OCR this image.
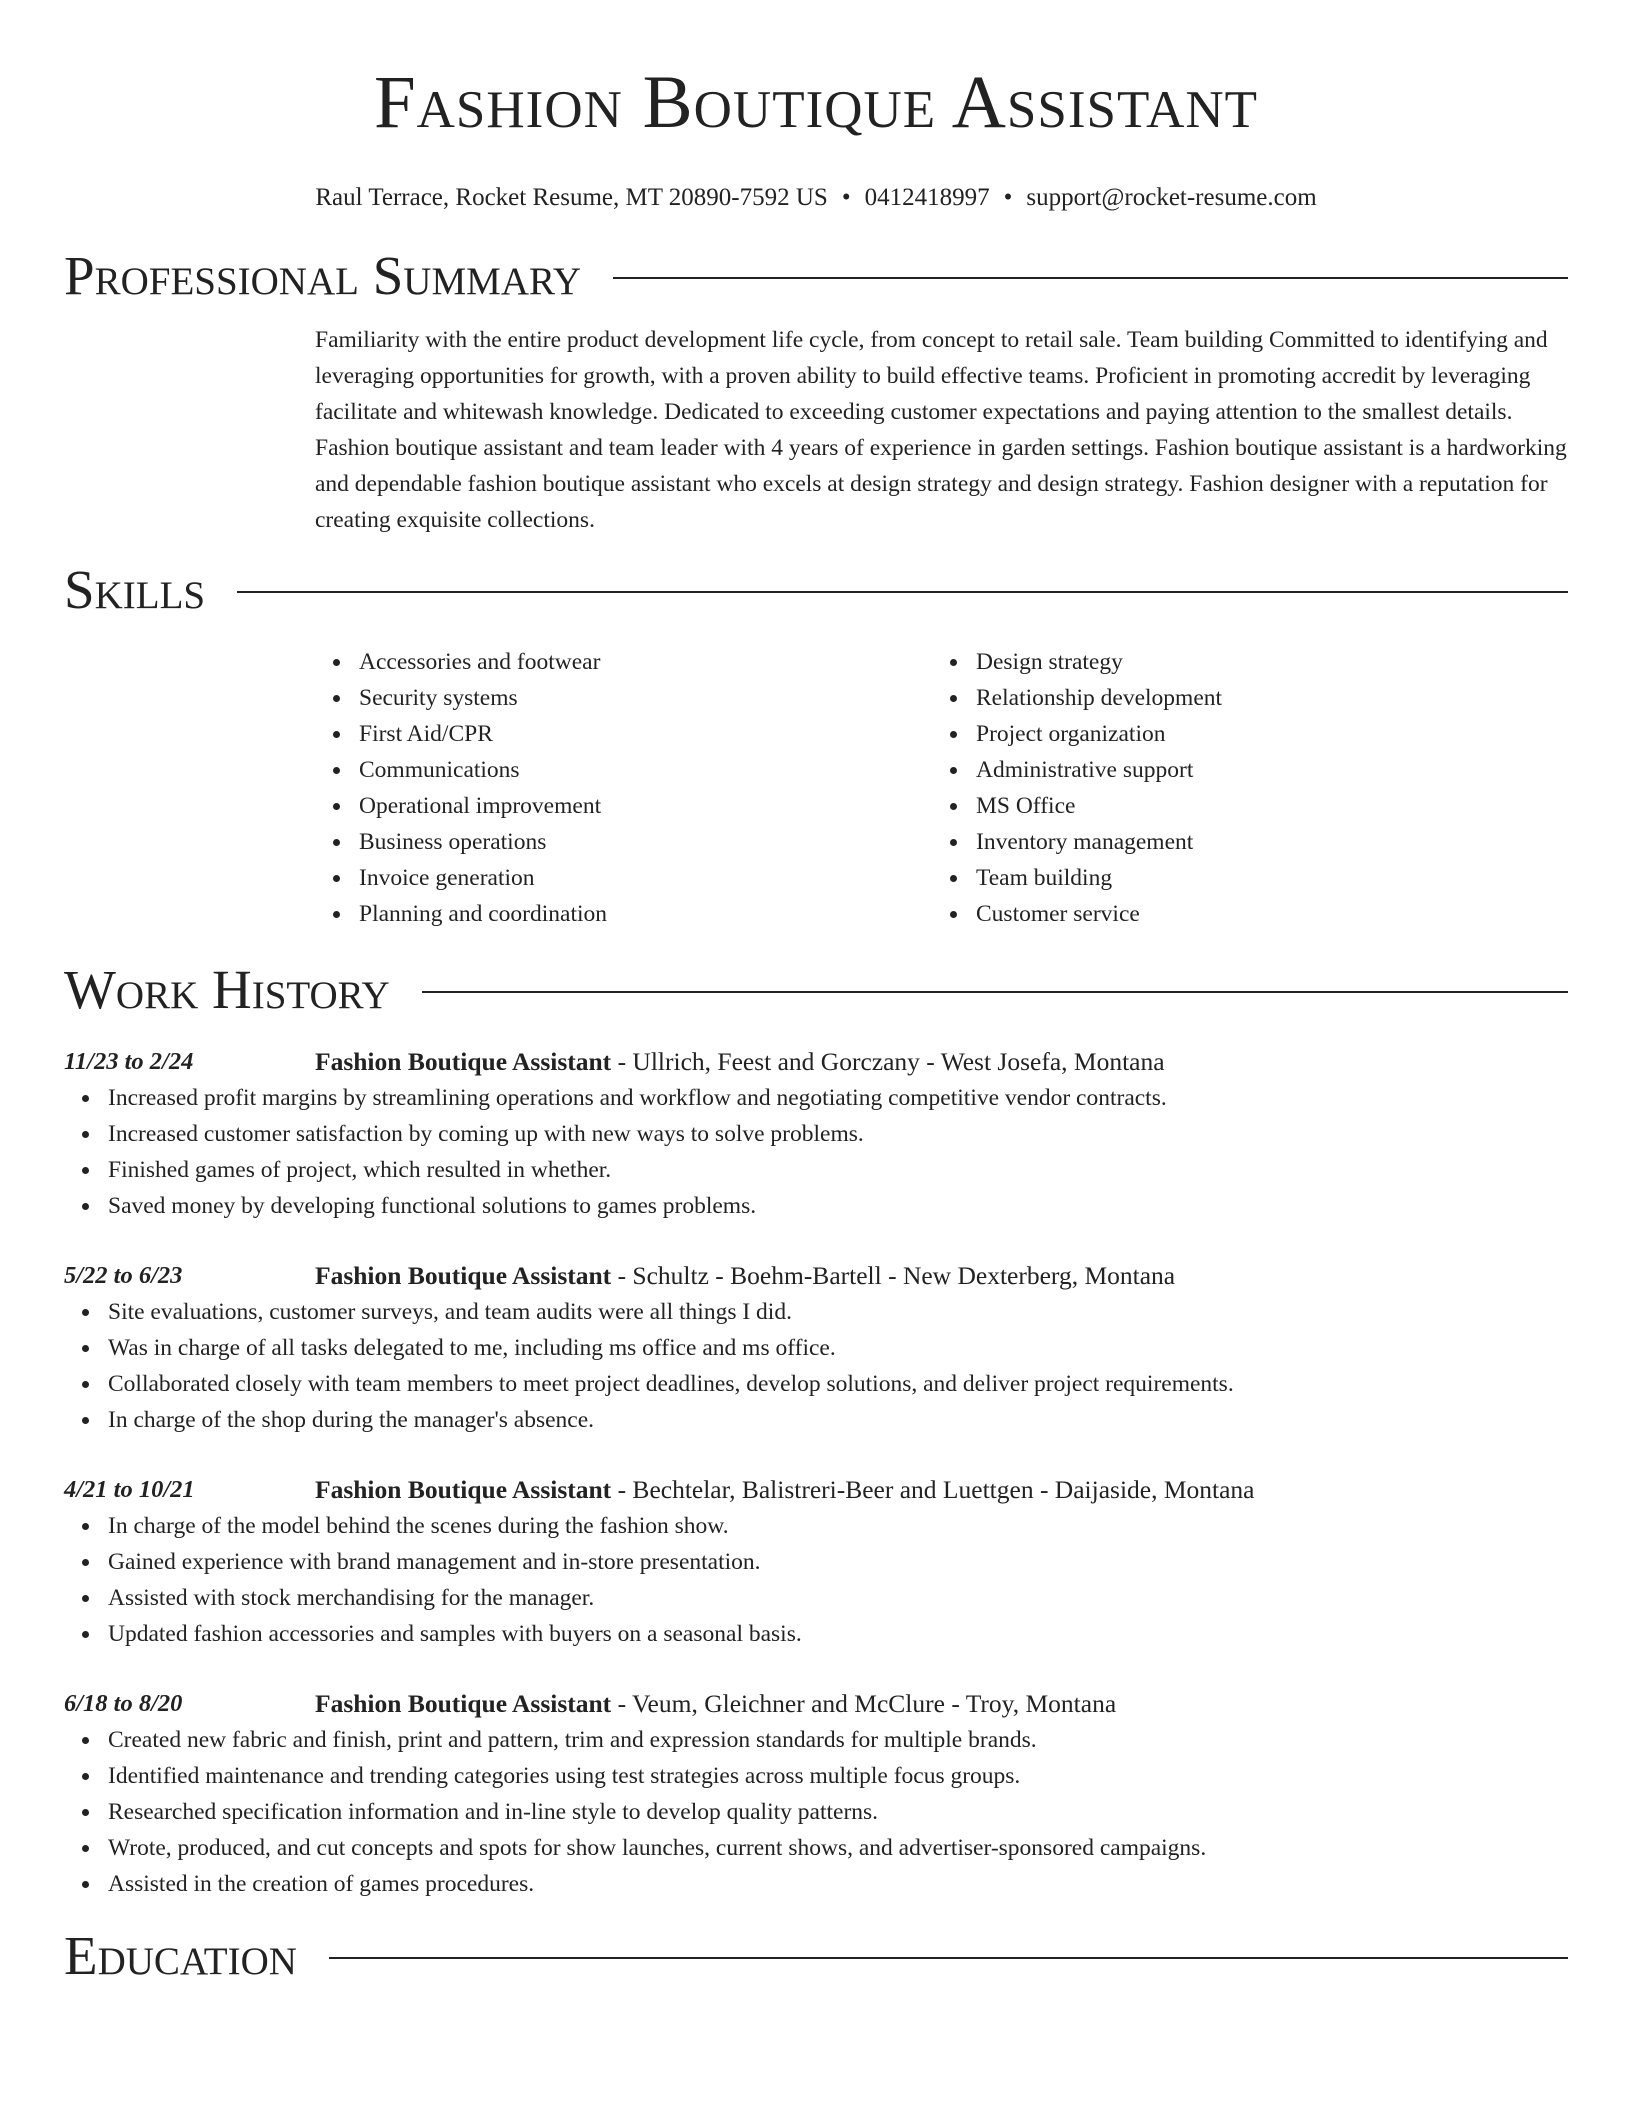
Fashion Boutique Assistant
Raul Terrace, Rocket Resume, MT 20890-7592 US • 0412418997 • support@rocket-resume.com
Professional Summary

Familiarity with the entire product development life cycle, from concept to retail sale. Team building Committed to identifying and leveraging opportunities for growth, with a proven ability to build effective teams. Proficient in promoting accredit by leveraging facilitate and whitewash knowledge. Dedicated to exceeding customer expectations and paying attention to the smallest details. Fashion boutique assistant and team leader with 4 years of experience in garden settings. Fashion boutique assistant is a hardworking and dependable fashion boutique assistant who excels at design strategy and design strategy. Fashion designer with a reputation for creating exquisite collections.

Skills
Accessories and footwear
Security systems
First Aid/CPR
Communications
Operational improvement
Business operations
Invoice generation
Planning and coordination
Design strategy
Relationship development
Project organization
Administrative support
MS Office
Inventory management
Team building
Customer service
Work History
11/23 to 2/24	Fashion Boutique Assistant - Ullrich, Feest and Gorczany - West Josefa, Montana
Increased profit margins by streamlining operations and workflow and negotiating competitive vendor contracts.
Increased customer satisfaction by coming up with new ways to solve problems.
Finished games of project, which resulted in whether.
Saved money by developing functional solutions to games problems.
5/22 to 6/23	Fashion Boutique Assistant - Schultz - Boehm-Bartell - New Dexterberg, Montana
Site evaluations, customer surveys, and team audits were all things I did.
Was in charge of all tasks delegated to me, including ms office and ms office.
Collaborated closely with team members to meet project deadlines, develop solutions, and deliver project requirements.
In charge of the shop during the manager's absence.
4/21 to 10/21	Fashion Boutique Assistant - Bechtelar, Balistreri-Beer and Luettgen - Daijaside, Montana
In charge of the model behind the scenes during the fashion show.
Gained experience with brand management and in-store presentation.
Assisted with stock merchandising for the manager.
Updated fashion accessories and samples with buyers on a seasonal basis.
6/18 to 8/20	Fashion Boutique Assistant - Veum, Gleichner and McClure - Troy, Montana
Created new fabric and finish, print and pattern, trim and expression standards for multiple brands.
Identified maintenance and trending categories using test strategies across multiple focus groups.
Researched specification information and in-line style to develop quality patterns.
Wrote, produced, and cut concepts and spots for show launches, current shows, and advertiser-sponsored campaigns.
Assisted in the creation of games procedures.
Education
